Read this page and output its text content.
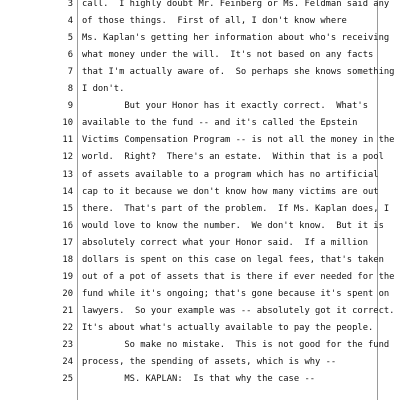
3 call.  I highly doubt Mr. Feinberg or Ms. Feldman said any
4 of those things.  First of all, I don't know where
5 Ms. Kaplan's getting her information about who's receiving
6 what money under the will.  It's not based on any facts
7 that I'm actually aware of.  So perhaps she knows something
8 I don't.
9 But your Honor has it exactly correct.  What's
10 available to the fund -- and it's called the Epstein
11 Victims Compensation Program -- is not all the money in the
12 world.  Right?  There's an estate.  Within that is a pool
13 of assets available to a program which has no artificial
14 cap to it because we don't know how many victims are out
15 there.  That's part of the problem.  If Ms. Kaplan does, I
16 would love to know the number.  We don't know.  But it is
17 absolutely correct what your Honor said.  If a million
18 dollars is spent on this case on legal fees, that's taken
19 out of a pot of assets that is there if ever needed for the
20 fund while it's ongoing; that's gone because it's spent on
21 lawyers.  So your example was -- absolutely got it correct.
22 It's about what's actually available to pay the people.
23 So make no mistake.  This is not good for the fund
24 process, the spending of assets, which is why --
25 MS. KAPLAN:  Is that why the case --
